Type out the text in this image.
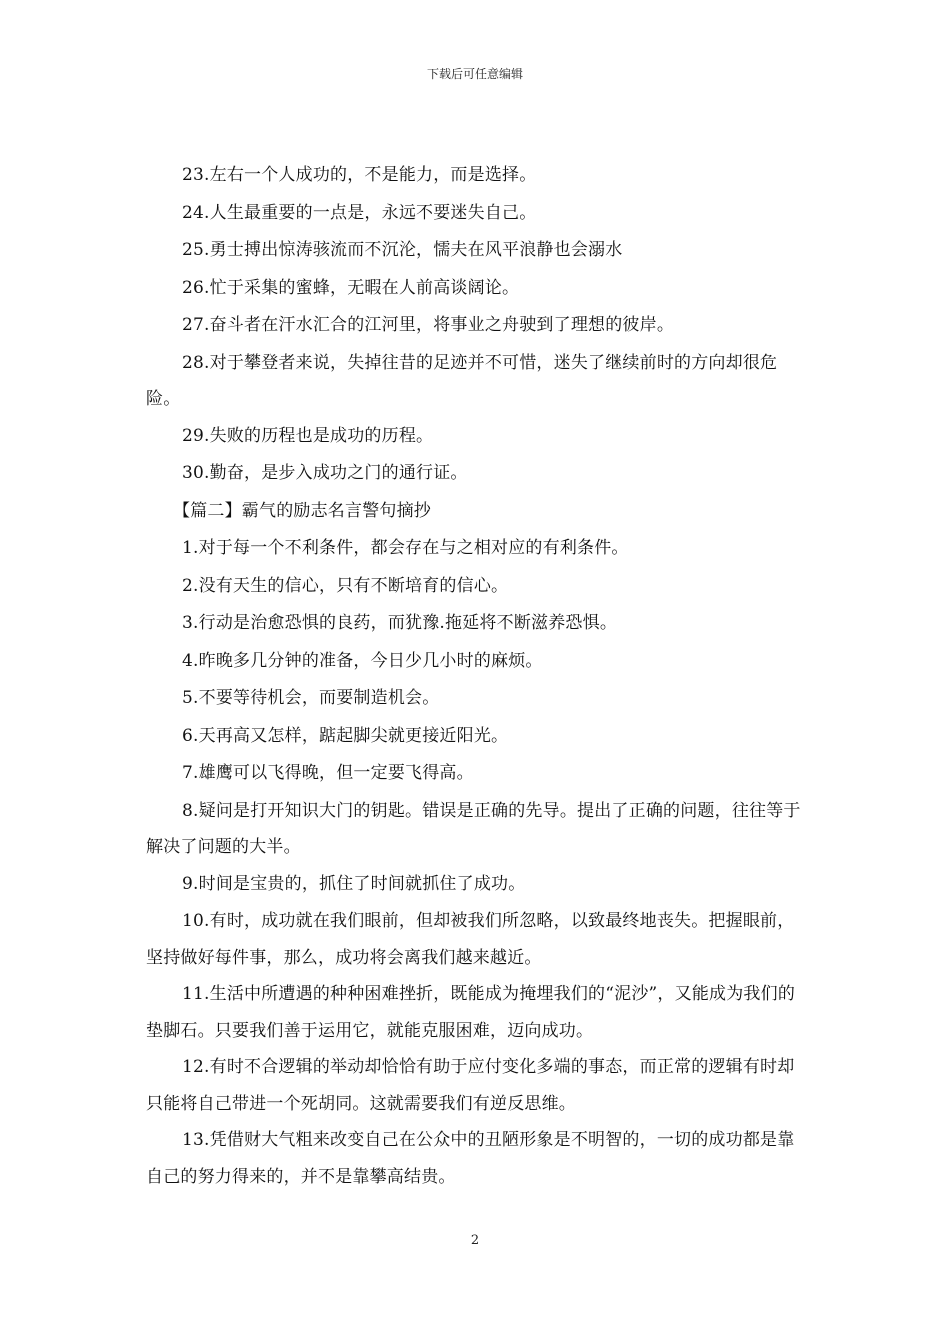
下载后可任意编辑

23.左右一个人成功的，不是能力，而是选择。

24.人生最重要的一点是，永远不要迷失自己。

25.勇士搏出惊涛骇流而不沉沦，懦夫在风平浪静也会溺水

26.忙于采集的蜜蜂，无暇在人前高谈阔论。

27.奋斗者在汗水汇合的江河里，将事业之舟驶到了理想的彼岸。

28.对于攀登者来说，失掉往昔的足迹并不可惜，迷失了继续前时的方向却很危险。

29.失败的历程也是成功的历程。

30.勤奋，是步入成功之门的通行证。

【篇二】霸气的励志名言警句摘抄

1.对于每一个不利条件，都会存在与之相对应的有利条件。

2.没有天生的信心，只有不断培育的信心。

3.行动是治愈恐惧的良药，而犹豫.拖延将不断滋养恐惧。

4.昨晚多几分钟的准备，今日少几小时的麻烦。

5.不要等待机会，而要制造机会。

6.天再高又怎样，踮起脚尖就更接近阳光。

7.雄鹰可以飞得晚，但一定要飞得高。

8.疑问是打开知识大门的钥匙。错误是正确的先导。提出了正确的问题，往往等于解决了问题的大半。

9.时间是宝贵的，抓住了时间就抓住了成功。

10.有时，成功就在我们眼前，但却被我们所忽略，以致最终地丧失。把握眼前，坚持做好每件事，那么，成功将会离我们越来越近。

11.生活中所遭遇的种种困难挫折，既能成为掩埋我们的“泥沙”，又能成为我们的垫脚石。只要我们善于运用它，就能克服困难，迈向成功。

12.有时不合逻辑的举动却恰恰有助于应付变化多端的事态，而正常的逻辑有时却只能将自己带进一个死胡同。这就需要我们有逆反思维。

13.凭借财大气粗来改变自己在公众中的丑陋形象是不明智的，一切的成功都是靠自己的努力得来的，并不是靠攀高结贵。

2
